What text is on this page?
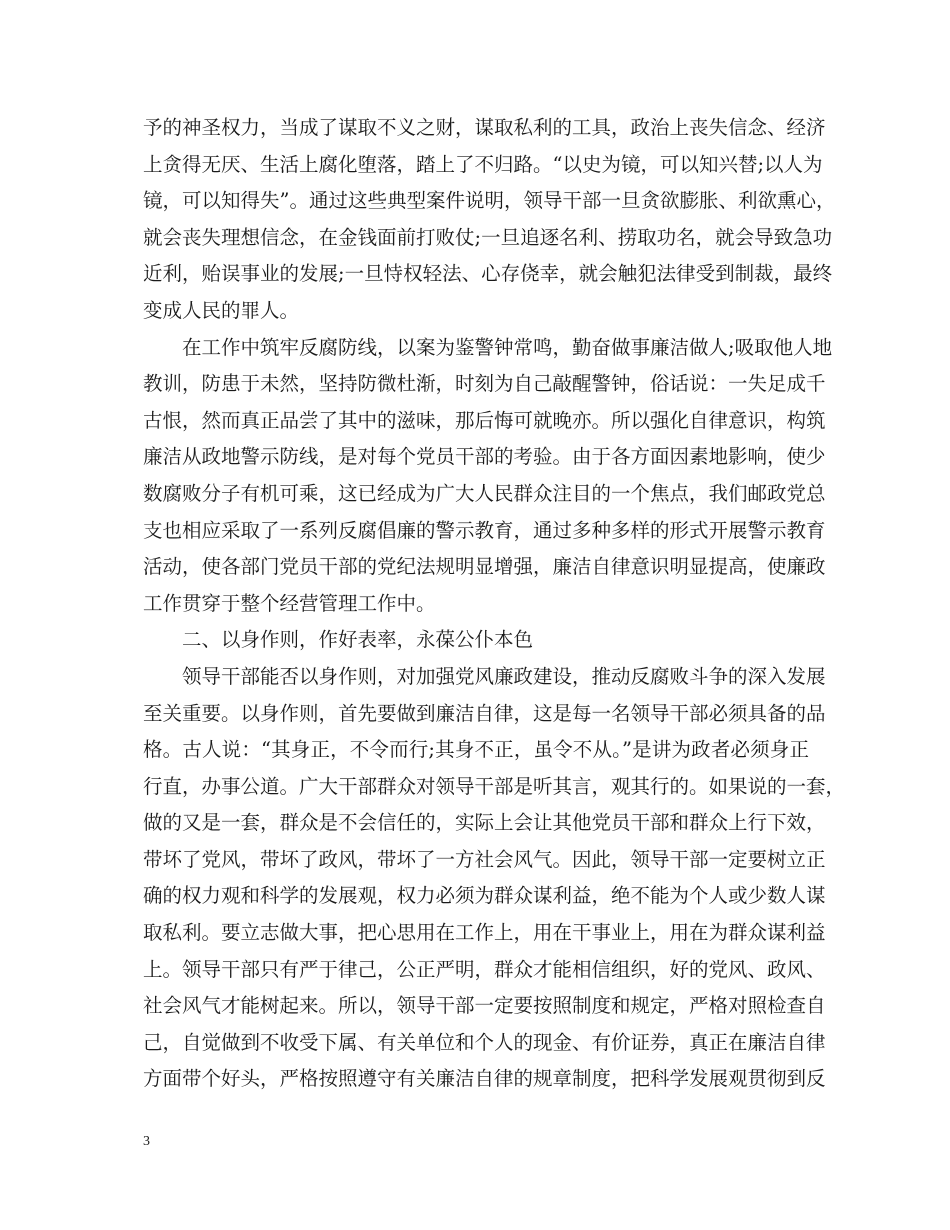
予的神圣权力，当成了谋取不义之财，谋取私利的工具，政治上丧失信念、经济
上贪得无厌、生活上腐化堕落，踏上了不归路。“以史为镜，可以知兴替;以人为
镜，可以知得失”。通过这些典型案件说明，领导干部一旦贪欲膨胀、利欲熏心，
就会丧失理想信念，在金钱面前打败仗;一旦追逐名利、捞取功名，就会导致急功
近利，贻误事业的发展;一旦恃权轻法、心存侥幸，就会触犯法律受到制裁，最终
变成人民的罪人。
在工作中筑牢反腐防线，以案为鉴警钟常鸣，勤奋做事廉洁做人;吸取他人地
教训，防患于未然，坚持防微杜渐，时刻为自己敲醒警钟，俗话说：一失足成千
古恨，然而真正品尝了其中的滋味，那后悔可就晚亦。所以强化自律意识，构筑
廉洁从政地警示防线，是对每个党员干部的考验。由于各方面因素地影响，使少
数腐败分子有机可乘，这已经成为广大人民群众注目的一个焦点，我们邮政党总
支也相应采取了一系列反腐倡廉的警示教育，通过多种多样的形式开展警示教育
活动，使各部门党员干部的党纪法规明显增强，廉洁自律意识明显提高，使廉政
工作贯穿于整个经营管理工作中。
二、以身作则，作好表率，永葆公仆本色
领导干部能否以身作则，对加强党风廉政建设，推动反腐败斗争的深入发展
至关重要。以身作则，首先要做到廉洁自律，这是每一名领导干部必须具备的品
格。古人说：“其身正，不令而行;其身不正，虽令不从。”是讲为政者必须身正
行直，办事公道。广大干部群众对领导干部是听其言，观其行的。如果说的一套，
做的又是一套，群众是不会信任的，实际上会让其他党员干部和群众上行下效，
带坏了党风，带坏了政风，带坏了一方社会风气。因此，领导干部一定要树立正
确的权力观和科学的发展观，权力必须为群众谋利益，绝不能为个人或少数人谋
取私利。要立志做大事，把心思用在工作上，用在干事业上，用在为群众谋利益
上。领导干部只有严于律己，公正严明，群众才能相信组织，好的党风、政风、
社会风气才能树起来。所以，领导干部一定要按照制度和规定，严格对照检查自
己，自觉做到不收受下属、有关单位和个人的现金、有价证券，真正在廉洁自律
方面带个好头，严格按照遵守有关廉洁自律的规章制度，把科学发展观贯彻到反
3
